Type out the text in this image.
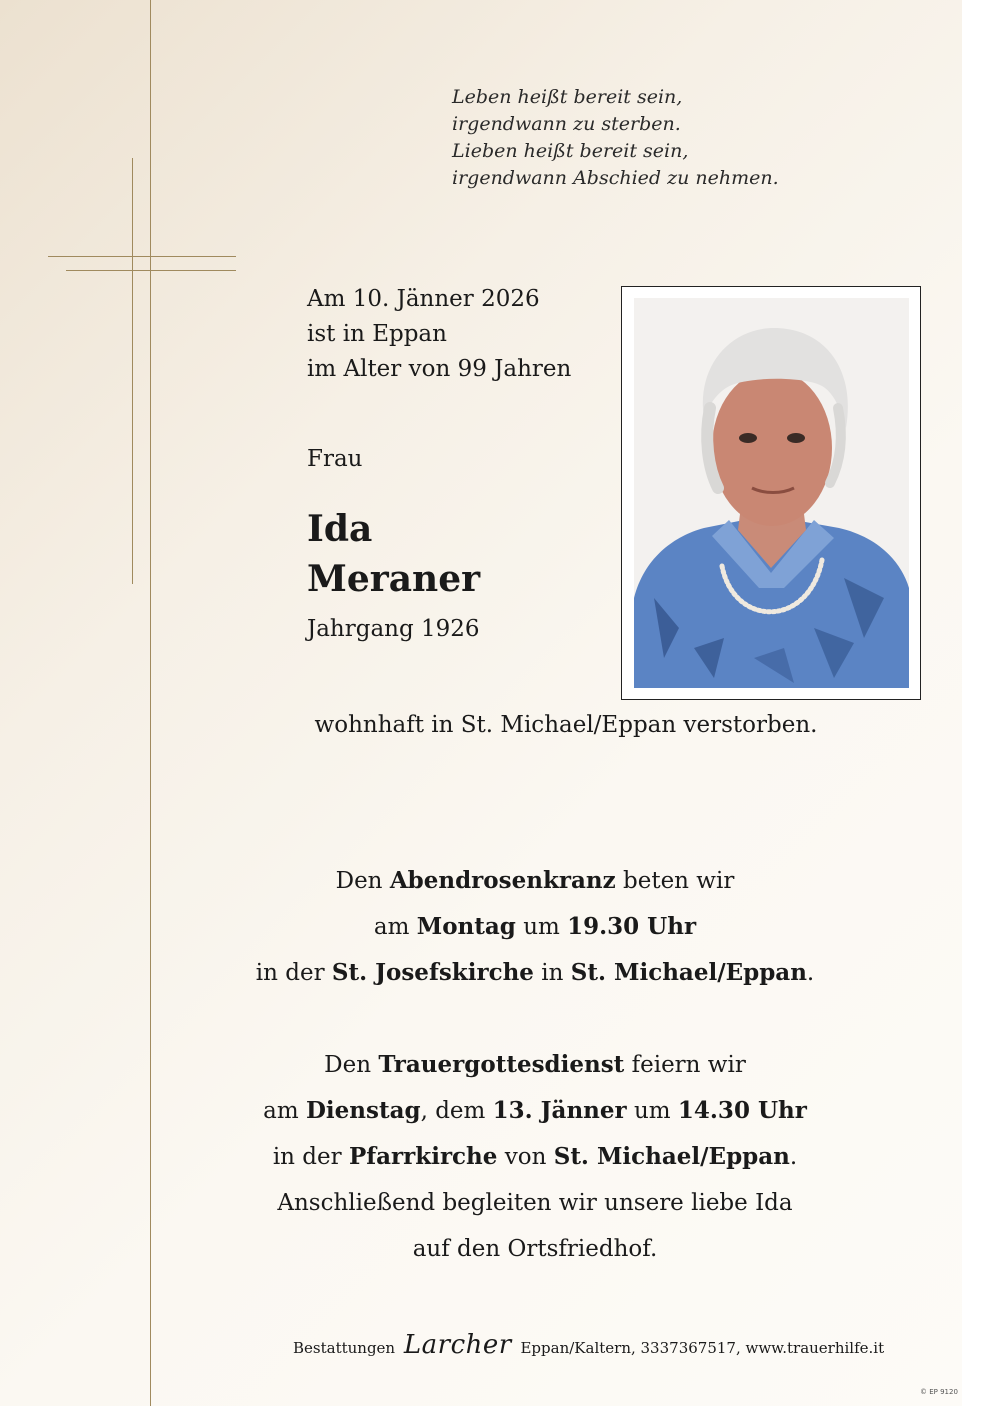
Leben heißt bereit sein,
irgendwann zu sterben.
Lieben heißt bereit sein,
irgendwann Abschied zu nehmen.
Am 10. Jänner 2026
ist in Eppan
im Alter von 99 Jahren
Frau
Ida
Meraner
Jahrgang 1926
wohnhaft in St. Michael/Eppan verstorben.
Den Abendrosenkranz beten wir
am Montag um 19.30 Uhr
in der St. Josefskirche in St. Michael/Eppan.
Den Trauergottesdienst feiern wir
am Dienstag, dem 13. Jänner um 14.30 Uhr
in der Pfarrkirche von St. Michael/Eppan.
Anschließend begleiten wir unsere liebe Ida
auf den Ortsfriedhof.
Bestattungen Larcher Eppan/Kaltern, 3337367517, www.trauerhilfe.it
© EP 9120
